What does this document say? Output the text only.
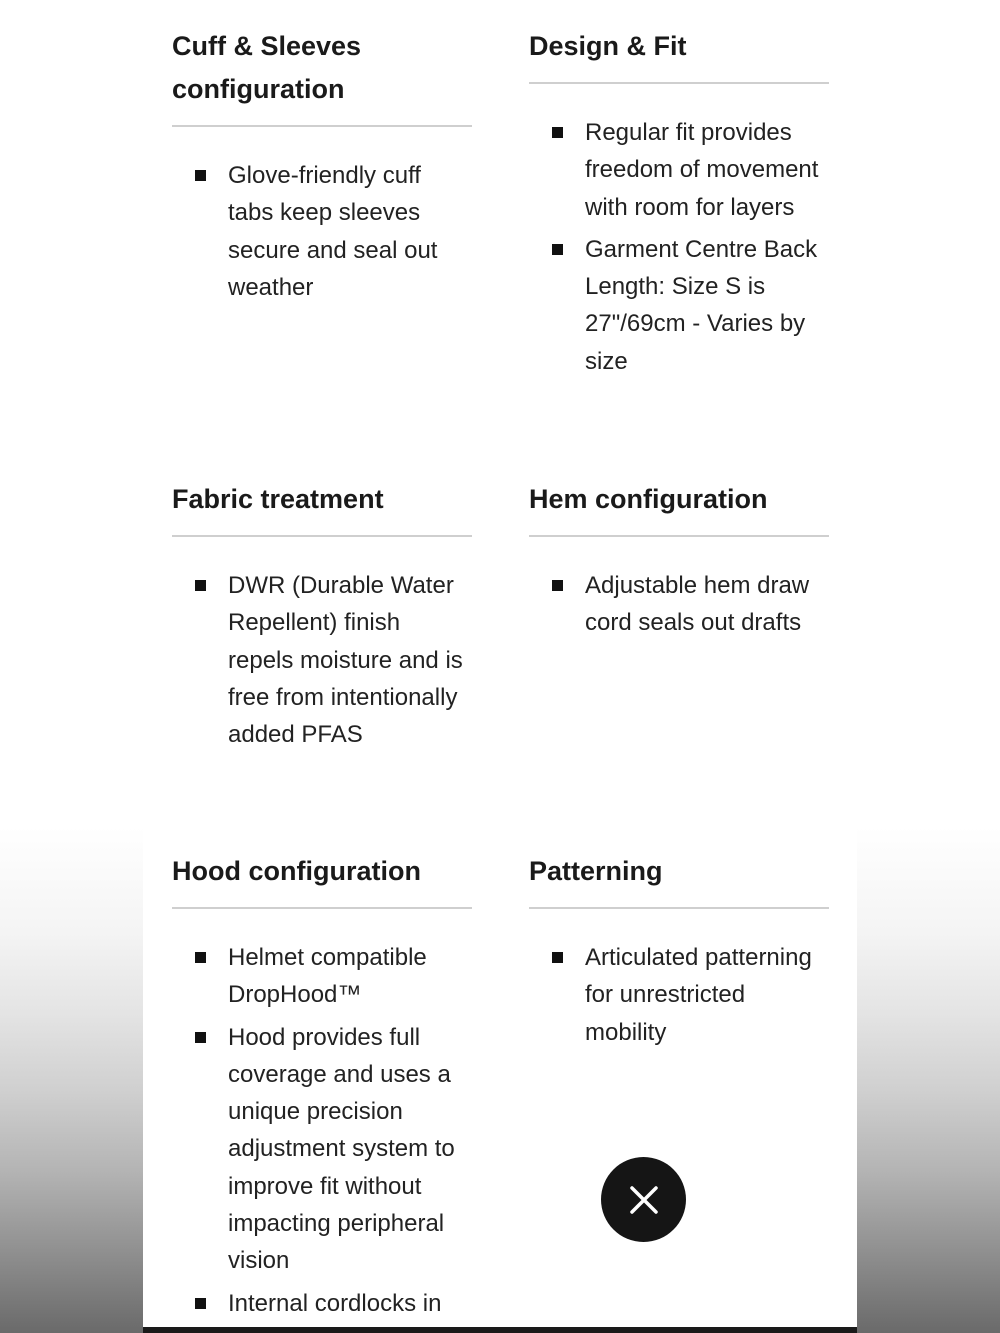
Cuff & Sleeves configuration
Glove-friendly cuff tabs keep sleeves secure and seal out weather
Design & Fit
Regular fit provides freedom of movement with room for layers
Garment Centre Back Length: Size S is 27"/69cm - Varies by size
Fabric treatment
DWR (Durable Water Repellent) finish repels moisture and is free from intentionally added PFAS
Hem configuration
Adjustable hem draw cord seals out drafts
Hood configuration
Helmet compatible DropHood™
Hood provides full coverage and uses a unique precision adjustment system to improve fit without impacting peripheral vision
Internal cordlocks in
Patterning
Articulated patterning for unrestricted mobility
